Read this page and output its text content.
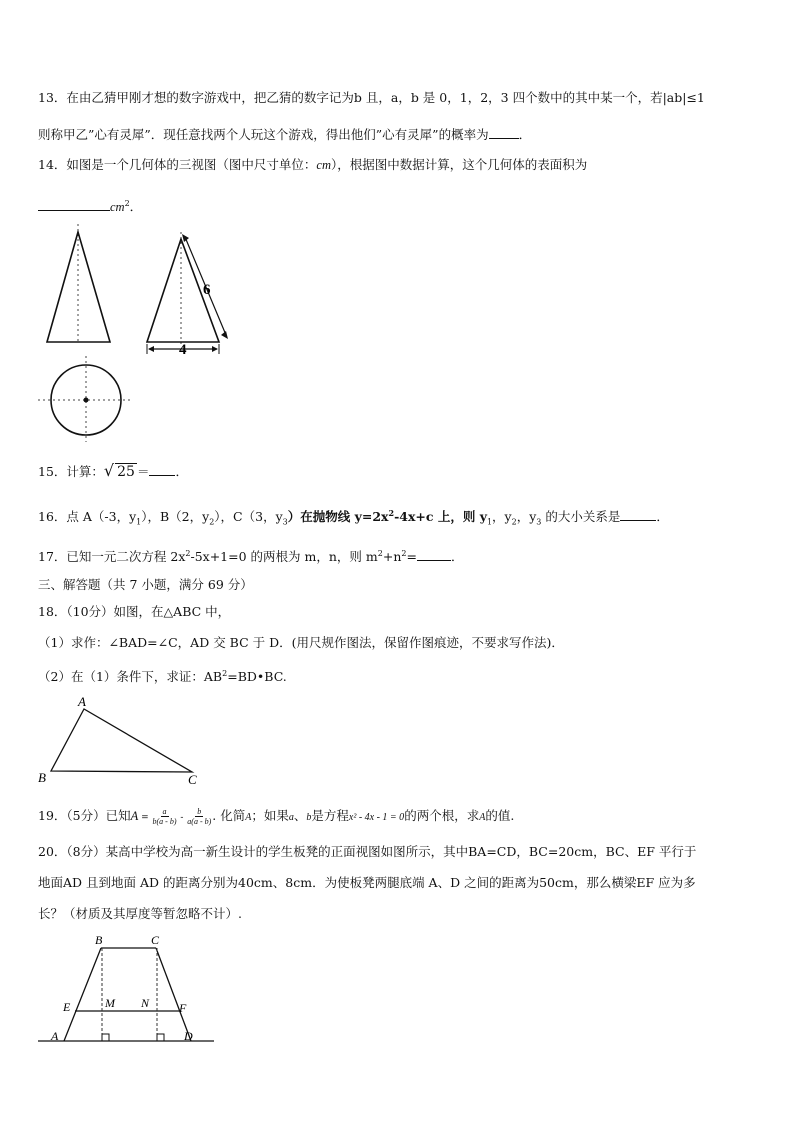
13．在由乙猜甲刚才想的数字游戏中，把乙猜的数字记为b 且，a，b 是 0，1，2，3 四个数中的其中某一个，若|ab|≤1
则称甲乙”心有灵犀”．现任意找两个人玩这个游戏，得出他们”心有灵犀”的概率为 ．
14．如图是一个几何体的三视图（图中尺寸单位：cm），根据图中数据计算，这个几何体的表面积为
$cm^2$．
6
4
15．计算：√ 25 ＝ ．
16．点 A（-3，$y_1$），B（2，$y_2$），C（3，$y_3$）在抛物线 $y=2x^2-4x+c$ 上，则 $y_1$，$y_2$，$y_3$ 的大小关系是	．
17．已知一元二次方程 $2x^2-5x+1=0$ 的两根为 m，n，则 $m^2+n^2=$	．
三、解答题（共 7 小题，满分 69 分）
18．（10分）如图，在△ABC 中，
（1）求作：∠BAD=∠C，AD 交 BC 于 D．(用尺规作图法，保留作图痕迹，不要求写作法)．
（2）在（1）条件下，求证：$AB^2=BD•BC$.
A
B	C
19．（5分）已知$A = \frac{a}{b(a - b)} - \frac{b}{a(a - b)}$ . 化简A；如果a、b是方程x² - 4x - 1 = 0的两个根，求A的值.
20．（8分）某高中学校为高一新生设计的学生板凳的正面视图如图所示，其中BA=CD，BC=20cm，BC、EF 平行于
地面AD 且到地面 AD 的距离分别为40cm、8cm．为使板凳两腿底端 A、D 之间的距离为50cm，那么横梁EF 应为多
长？（材质及其厚度等暂忽略不计）.
B	C
E	M N F
A	D
